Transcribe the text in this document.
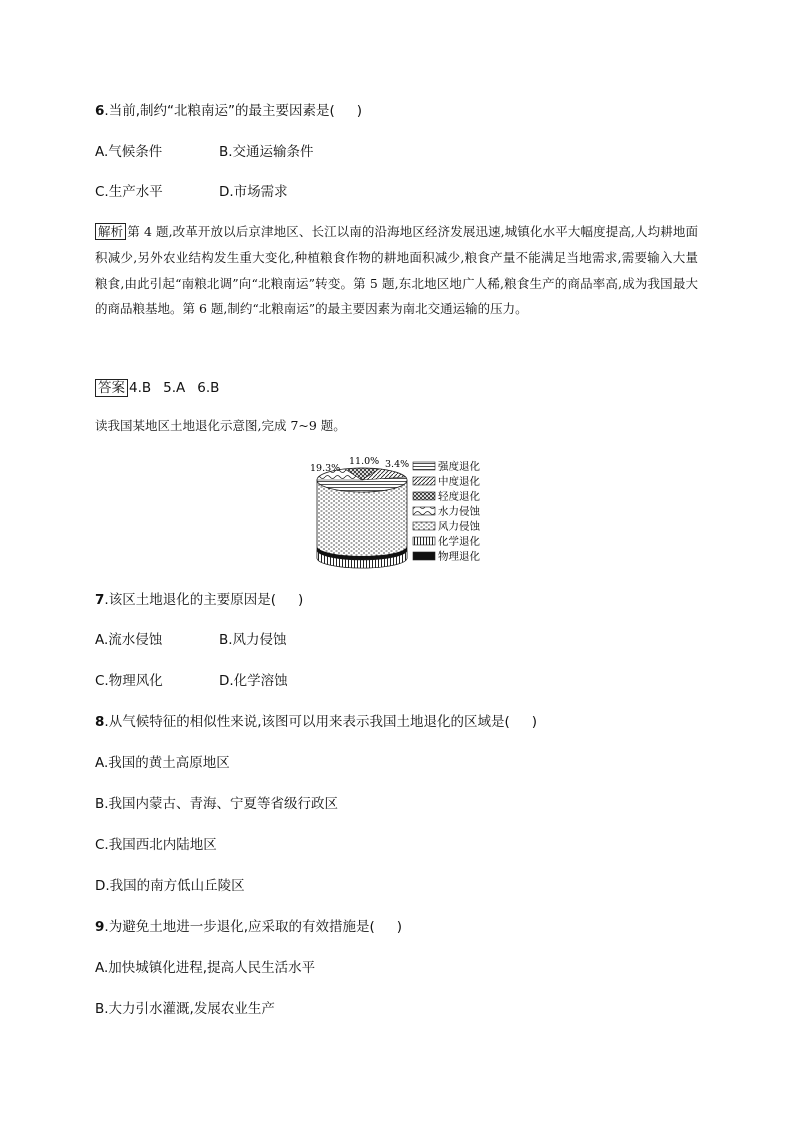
6.当前,制约“北粮南运”的最主要因素是( )
A.气候条件	B.交通运输条件
C.生产水平	D.市场需求
解析 第 4 题,改革开放以后京津地区、长江以南的沿海地区经济发展迅速,城镇化水平大幅度提高,人均耕地面积减少,另外农业结构发生重大变化,种植粮食作物的耕地面积减少,粮食产量不能满足当地需求,需要输入大量粮食,由此引起“南粮北调”向“北粮南运”转变。第 5 题,东北地区地广人稀,粮食生产的商品率高,成为我国最大的商品粮基地。第 6 题,制约“北粮南运”的最主要因素为南北交通运输的压力。
答案 4.B 5.A 6.B
读我国某地区土地退化示意图,完成 7~9 题。
19.3%
11.0% 3.4%	强度退化
中度退化
轻度退化
水力侵蚀
风力侵蚀
化学退化
物理退化
7.该区土地退化的主要原因是( )
A.流水侵蚀	B.风力侵蚀
C.物理风化	D.化学溶蚀
8.从气候特征的相似性来说,该图可以用来表示我国土地退化的区域是( )
A.我国的黄土高原地区
B.我国内蒙古、青海、宁夏等省级行政区
C.我国西北内陆地区
D.我国的南方低山丘陵区
9.为避免土地进一步退化,应采取的有效措施是( )
A.加快城镇化进程,提高人民生活水平
B.大力引水灌溉,发展农业生产
